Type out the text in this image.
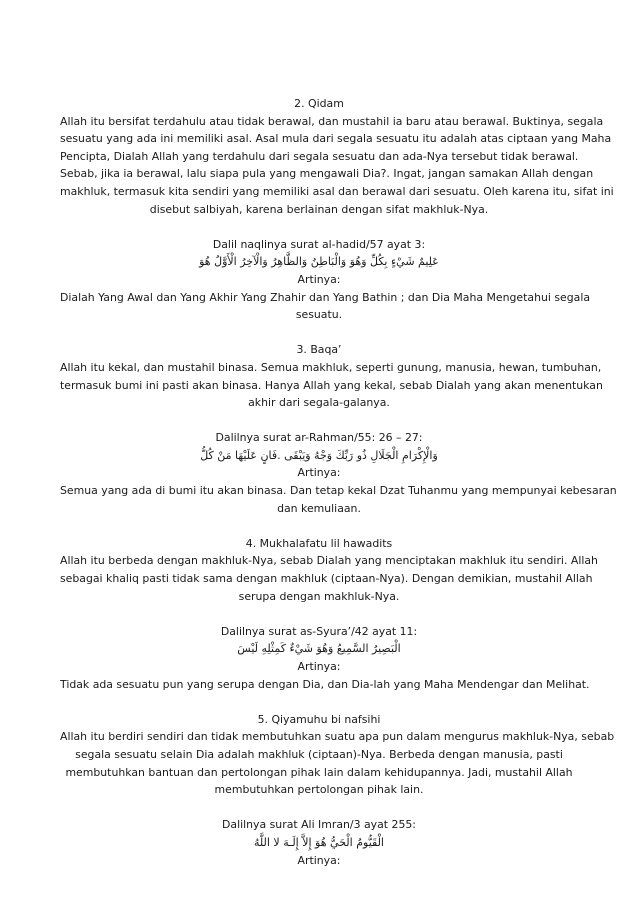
2. Qidam
Allah itu bersifat terdahulu atau tidak berawal, dan mustahil ia baru atau berawal. Buktinya, segala
sesuatu yang ada ini memiliki asal. Asal mula dari segala sesuatu itu adalah atas ciptaan yang Maha
Pencipta, Dialah Allah yang terdahulu dari segala sesuatu dan ada-Nya tersebut tidak berawal.
Sebab, jika ia berawal, lalu siapa pula yang mengawali Dia?. Ingat, jangan samakan Allah dengan
makhluk, termasuk kita sendiri yang memiliki asal dan berawal dari sesuatu. Oleh karena itu, sifat ini
disebut salbiyah, karena berlainan dengan sifat makhluk-Nya.
Dalil naqlinya surat al-hadid/57 ayat 3:
عَلِيمٌ شَيْءٍ بِكُلِّ وَهُوَ وَالْبَاطِنُ وَالظَّاهِرُ وَالْآخِرُ الْأَوَّلُ هُوَ
Artinya:
Dialah Yang Awal dan Yang Akhir Yang Zhahir dan Yang Bathin ; dan Dia Maha Mengetahui segala
sesuatu.
3. Baqa’
Allah itu kekal, dan mustahil binasa. Semua makhluk, seperti gunung, manusia, hewan, tumbuhan,
termasuk bumi ini pasti akan binasa. Hanya Allah yang kekal, sebab Dialah yang akan menentukan
akhir dari segala-galanya.
Dalilnya surat ar-Rahman/55: 26 – 27:
وَالْإِكْرَامِ الْجَلَالِ ذُو رَبِّكَ وَجْهُ وَيَبْقَى .فَانٍ عَلَيْهَا مَنْ كُلُّ
Artinya:
Semua yang ada di bumi itu akan binasa. Dan tetap kekal Dzat Tuhanmu yang mempunyai kebesaran
dan kemuliaan.
4. Mukhalafatu lil hawadits
Allah itu berbeda dengan makhluk-Nya, sebab Dialah yang menciptakan makhluk itu sendiri. Allah
sebagai khaliq pasti tidak sama dengan makhluk (ciptaan-Nya). Dengan demikian, mustahil Allah
serupa dengan makhluk-Nya.
Dalilnya surat as-Syura’/42 ayat 11:
الْبَصِيرُ السَّمِيعُ وَهُوَ شَيْءٌ كَمِثْلِهِ لَيْسَ
Artinya:
Tidak ada sesuatu pun yang serupa dengan Dia, dan Dia-lah yang Maha Mendengar dan Melihat.
5. Qiyamuhu bi nafsihi
Allah itu berdiri sendiri dan tidak membutuhkan suatu apa pun dalam mengurus makhluk-Nya, sebab
segala sesuatu selain Dia adalah makhluk (ciptaan)-Nya. Berbeda dengan manusia, pasti
membutuhkan bantuan dan pertolongan pihak lain dalam kehidupannya. Jadi, mustahil Allah
membutuhkan pertolongan pihak lain.
Dalilnya surat Ali Imran/3 ayat 255:
الْقَيُّومُ الْحَيُّ هُوَ إِلاَّ إِلَـهَ لا اللَّهُ
Artinya:
